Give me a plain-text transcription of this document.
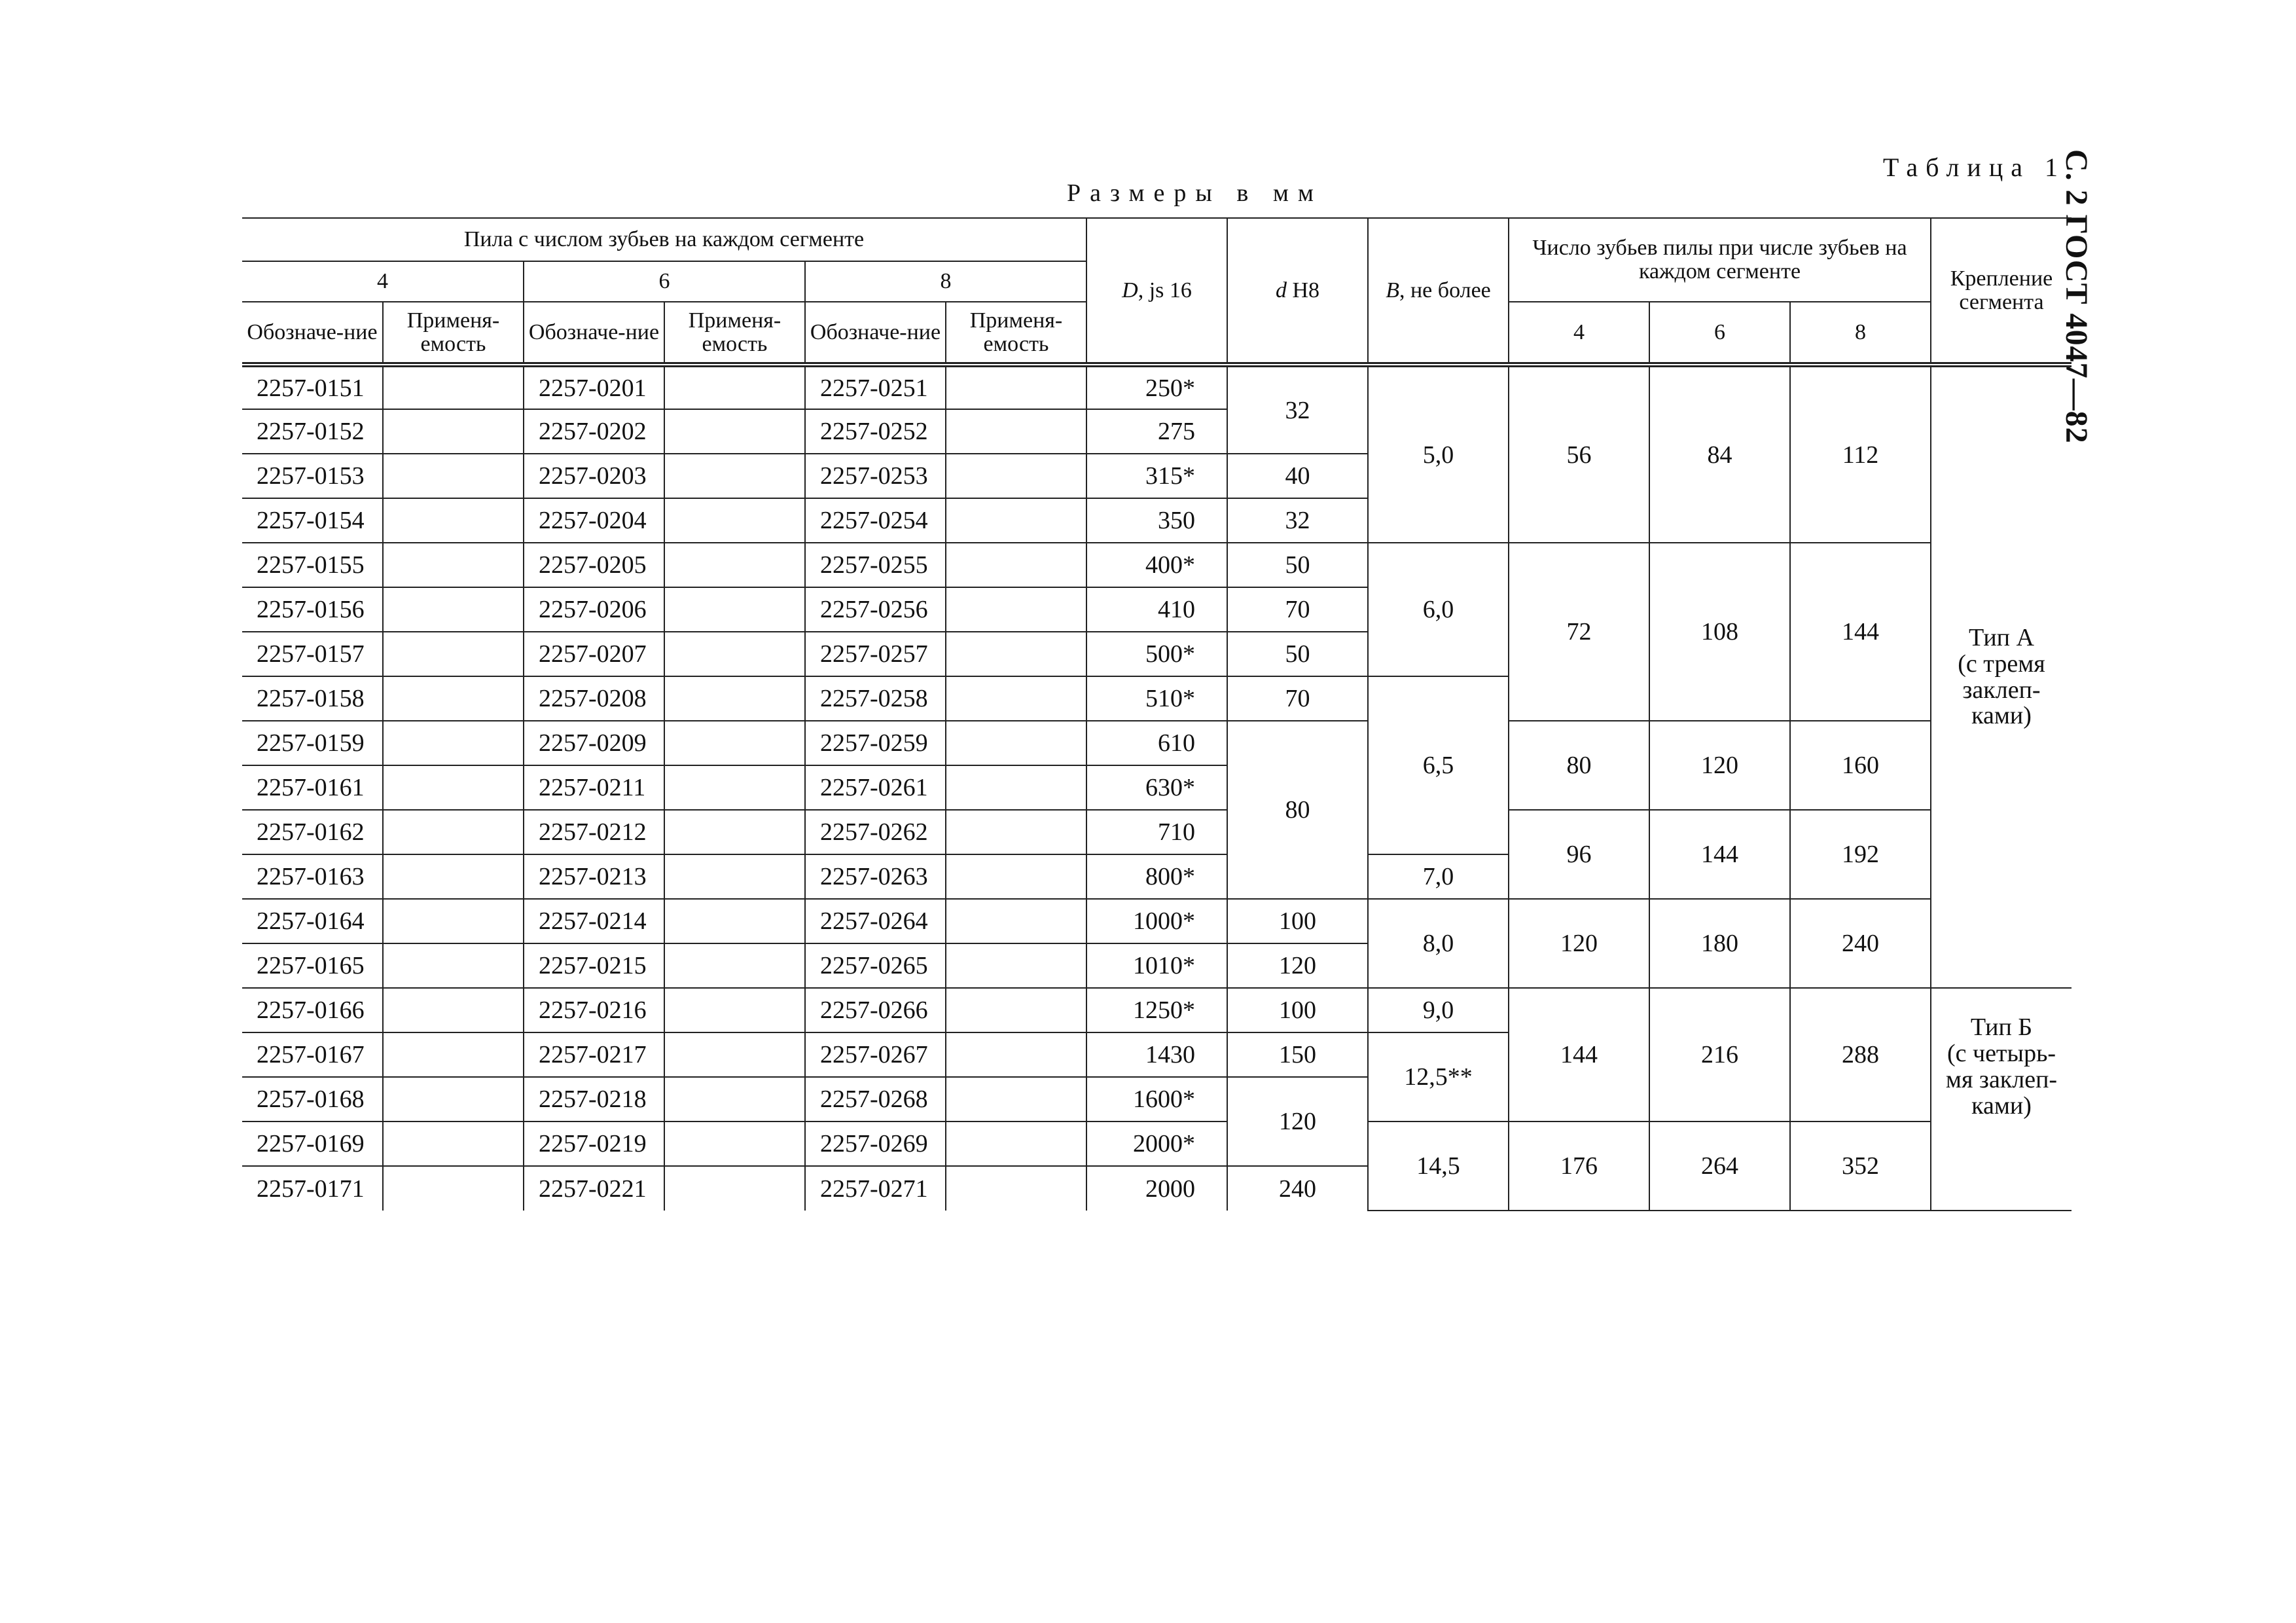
С. 2 ГОСТ 4047—82
Таблица 1
Размеры в мм
Пила с числом зубьев на каждом сегменте						D, js 16	d H8	B, не более	Число зубьев пилы при числе зубьев на каждом сегменте			Крепление сегмента
4		6		8								
Обозначе-ние	Применя-емость	Обозначе-ние	Применя-емость	Обозначе-ние	Применя-емость				4	6	8	
2257-0151		2257-0201		2257-0251		250*	32	5,0	56	84	112	Тип А
(с тремя
заклеп-
ками)

2257-0152		2257-0202		2257-0252		275						
2257-0153		2257-0203		2257-0253		315*	40					
2257-0154		2257-0204		2257-0254		350	32					
2257-0155		2257-0205		2257-0255		400*	50	6,0	72	108	144	
2257-0156		2257-0206		2257-0256		410	70					
2257-0157		2257-0207		2257-0257		500*	50					
2257-0158		2257-0208		2257-0258		510*	70	6,5				
2257-0159		2257-0209		2257-0259		610	80		80	120	160	
2257-0161		2257-0211		2257-0261		630*						
2257-0162		2257-0212		2257-0262		710			96	144	192	
2257-0163		2257-0213		2257-0263		800*		7,0				
2257-0164		2257-0214		2257-0264		1000*	100	8,0	120	180	240	
2257-0165		2257-0215		2257-0265		1010*	120					
2257-0166		2257-0216		2257-0266		1250*	100	9,0	144	216	288	Тип Б
(с четырь-
мя заклеп-
ками)

2257-0167		2257-0217		2257-0267		1430	150	12,5**				
2257-0168		2257-0218		2257-0268		1600*	120					
2257-0169		2257-0219		2257-0269		2000*		14,5	176	264	352	
2257-0171		2257-0221		2257-0271		2000	240					
